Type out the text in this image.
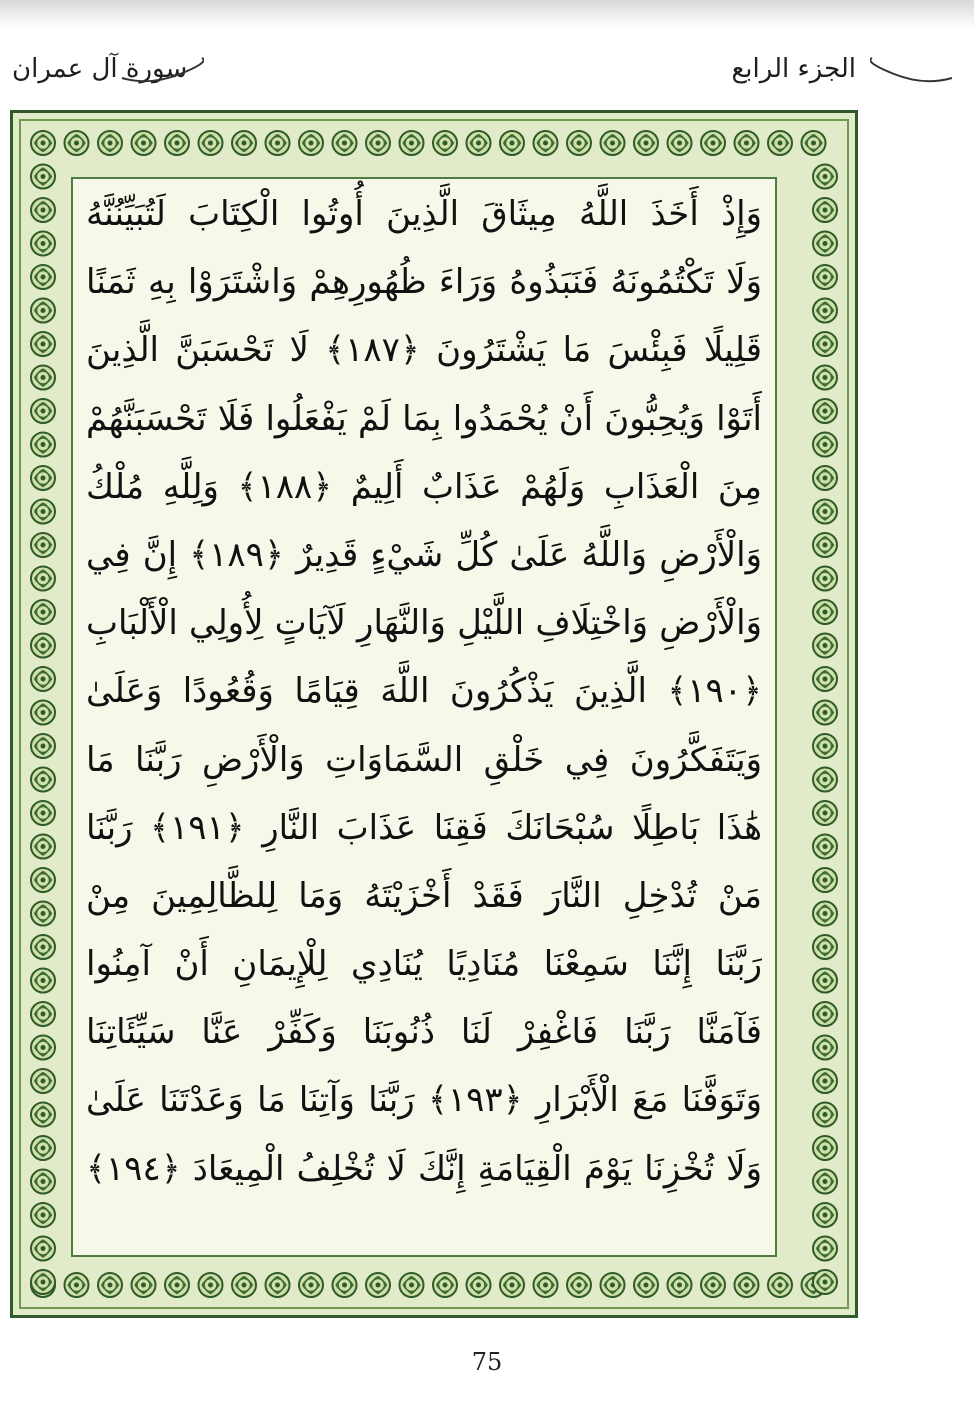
سورة آل عمران	الجزء الرابع
وَإِذْ أَخَذَ اللَّهُ مِيثَاقَ الَّذِينَ أُوتُوا الْكِتَابَ لَتُبَيِّنُنَّهُ
وَلَا تَكْتُمُونَهُ فَنَبَذُوهُ وَرَاءَ ظُهُورِهِمْ وَاشْتَرَوْا بِهِ ثَمَنًا
قَلِيلًا فَبِئْسَ مَا يَشْتَرُونَ ﴿١٨٧﴾ لَا تَحْسَبَنَّ الَّذِينَ
أَتَوْا وَيُحِبُّونَ أَنْ يُحْمَدُوا بِمَا لَمْ يَفْعَلُوا فَلَا تَحْسَبَنَّهُمْ
مِنَ الْعَذَابِ وَلَهُمْ عَذَابٌ أَلِيمٌ ﴿١٨٨﴾ وَلِلَّهِ مُلْكُ
وَالْأَرْضِ وَاللَّهُ عَلَىٰ كُلِّ شَيْءٍ قَدِيرٌ ﴿١٨٩﴾ إِنَّ فِي
وَالْأَرْضِ وَاخْتِلَافِ اللَّيْلِ وَالنَّهَارِ لَآيَاتٍ لِأُولِي الْأَلْبَابِ
﴿١٩٠﴾ الَّذِينَ يَذْكُرُونَ اللَّهَ قِيَامًا وَقُعُودًا وَعَلَىٰ
وَيَتَفَكَّرُونَ فِي خَلْقِ السَّمَاوَاتِ وَالْأَرْضِ رَبَّنَا مَا
هَٰذَا بَاطِلًا سُبْحَانَكَ فَقِنَا عَذَابَ النَّارِ ﴿١٩١﴾ رَبَّنَا
مَنْ تُدْخِلِ النَّارَ فَقَدْ أَخْزَيْتَهُ وَمَا لِلظَّالِمِينَ مِنْ
رَبَّنَا إِنَّنَا سَمِعْنَا مُنَادِيًا يُنَادِي لِلْإِيمَانِ أَنْ آمِنُوا
فَآمَنَّا رَبَّنَا فَاغْفِرْ لَنَا ذُنُوبَنَا وَكَفِّرْ عَنَّا سَيِّئَاتِنَا
وَتَوَفَّنَا مَعَ الْأَبْرَارِ ﴿١٩٣﴾ رَبَّنَا وَآتِنَا مَا وَعَدْتَنَا عَلَىٰ
وَلَا تُخْزِنَا يَوْمَ الْقِيَامَةِ إِنَّكَ لَا تُخْلِفُ الْمِيعَادَ ﴿١٩٤﴾
75
